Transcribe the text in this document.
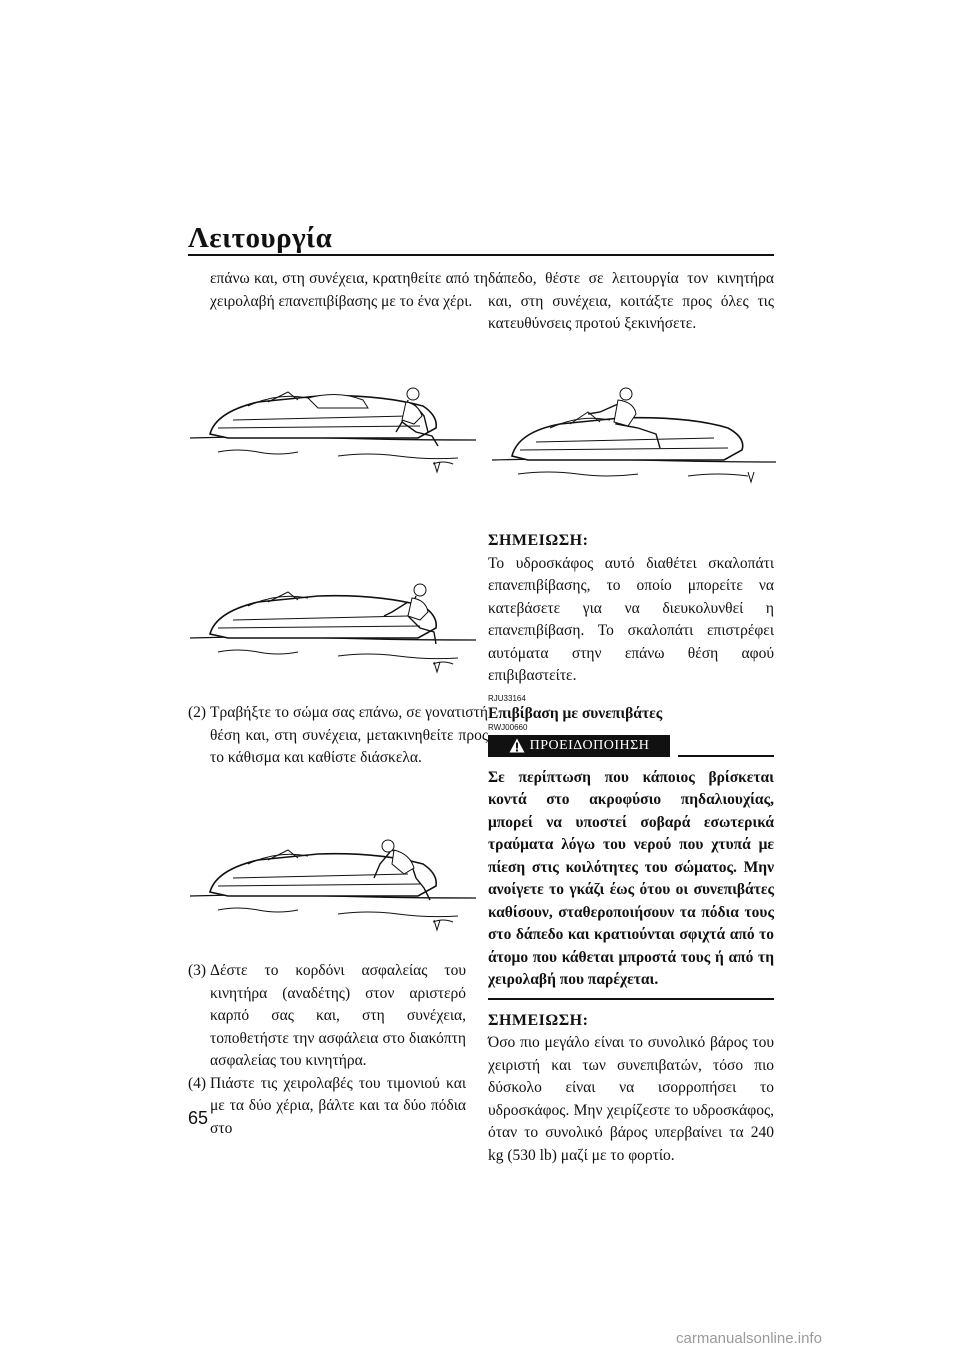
Λειτουργία
επάνω και, στη συνέχεια, κρατηθείτε από τη χειρολαβή επανεπιβίβασης με το ένα χέρι.
(2) Τραβήξτε το σώμα σας επάνω, σε γονατιστή θέση και, στη συνέχεια, μετακινηθείτε προς το κάθισμα και καθίστε διάσκελα.
(3) Δέστε το κορδόνι ασφαλείας του κινητήρα (αναδέτης) στον αριστερό καρπό σας και, στη συνέχεια, τοποθετήστε την ασφάλεια στο διακόπτη ασφαλείας του κινητήρα.
(4) Πιάστε τις χειρολαβές του τιμονιού και με τα δύο χέρια, βάλτε και τα δύο πόδια στο
δάπεδο, θέστε σε λειτουργία τον κινητήρα και, στη συνέχεια, κοιτάξτε προς όλες τις κατευθύνσεις προτού ξεκινήσετε.

ΣΗΜΕΙΩΣΗ:

Το υδροσκάφος αυτό διαθέτει σκαλοπάτι επανεπιβίβασης, το οποίο μπορείτε να κατεβάσετε για να διευκολυνθεί η επανεπιβίβαση. Το σκαλοπάτι επιστρέφει αυτόματα στην επάνω θέση αφού επιβιβαστείτε.

RJU33164

Επιβίβαση με συνεπιβάτες

RWJ00660

ΠΡΟΕΙΔΟΠΟΙΗΣΗ

Σε περίπτωση που κάποιος βρίσκεται κοντά στο ακροφύσιο πηδαλιουχίας, μπορεί να υποστεί σοβαρά εσωτερικά τραύματα λόγω του νερού που χτυπά με πίεση στις κοιλότητες του σώματος. Μην ανοίγετε το γκάζι έως ότου οι συνεπιβάτες καθίσουν, σταθεροποιήσουν τα πόδια τους στο δάπεδο και κρατιούνται σφιχτά από το άτομο που κάθεται μπροστά τους ή από τη χειρολαβή που παρέχεται.

ΣΗΜΕΙΩΣΗ:

Όσο πιο μεγάλο είναι το συνολικό βάρος του χειριστή και των συνεπιβατών, τόσο πιο δύσκολο είναι να ισορροπήσει το υδροσκάφος. Μην χειρίζεστε το υδροσκάφος, όταν το συνολικό βάρος υπερβαίνει τα 240 kg (530 lb) μαζί με το φορτίο.

65
carmanualsonline.info
